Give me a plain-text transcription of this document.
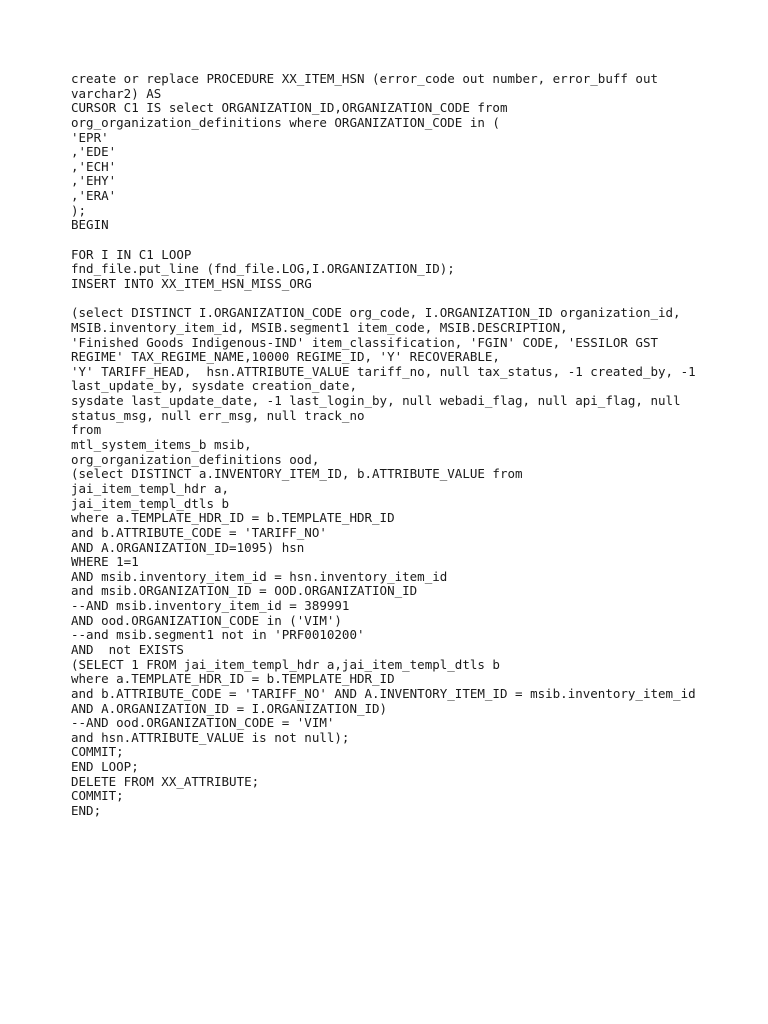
create or replace PROCEDURE XX_ITEM_HSN (error_code out number, error_buff out
varchar2) AS
CURSOR C1 IS select ORGANIZATION_ID,ORGANIZATION_CODE from
org_organization_definitions where ORGANIZATION_CODE in (
'EPR'
,'EDE'
,'ECH'
,'EHY'
,'ERA'
);
BEGIN
FOR I IN C1 LOOP
fnd_file.put_line (fnd_file.LOG,I.ORGANIZATION_ID);
INSERT INTO XX_ITEM_HSN_MISS_ORG
(select DISTINCT I.ORGANIZATION_CODE org_code, I.ORGANIZATION_ID organization_id,
MSIB.inventory_item_id, MSIB.segment1 item_code, MSIB.DESCRIPTION,
'Finished Goods Indigenous-IND' item_classification, 'FGIN' CODE, 'ESSILOR GST
REGIME' TAX_REGIME_NAME,10000 REGIME_ID, 'Y' RECOVERABLE,
'Y' TARIFF_HEAD,  hsn.ATTRIBUTE_VALUE tariff_no, null tax_status, -1 created_by, -1
last_update_by, sysdate creation_date,
sysdate last_update_date, -1 last_login_by, null webadi_flag, null api_flag, null
status_msg, null err_msg, null track_no
from
mtl_system_items_b msib,
org_organization_definitions ood,
(select DISTINCT a.INVENTORY_ITEM_ID, b.ATTRIBUTE_VALUE from
jai_item_templ_hdr a,
jai_item_templ_dtls b
where a.TEMPLATE_HDR_ID = b.TEMPLATE_HDR_ID
and b.ATTRIBUTE_CODE = 'TARIFF_NO'
AND A.ORGANIZATION_ID=1095) hsn
WHERE 1=1
AND msib.inventory_item_id = hsn.inventory_item_id
and msib.ORGANIZATION_ID = OOD.ORGANIZATION_ID
--AND msib.inventory_item_id = 389991
AND ood.ORGANIZATION_CODE in ('VIM')
--and msib.segment1 not in 'PRF0010200'
AND  not EXISTS
(SELECT 1 FROM jai_item_templ_hdr a,jai_item_templ_dtls b
where a.TEMPLATE_HDR_ID = b.TEMPLATE_HDR_ID
and b.ATTRIBUTE_CODE = 'TARIFF_NO' AND A.INVENTORY_ITEM_ID = msib.inventory_item_id
AND A.ORGANIZATION_ID = I.ORGANIZATION_ID)
--AND ood.ORGANIZATION_CODE = 'VIM'
and hsn.ATTRIBUTE_VALUE is not null);
COMMIT;
END LOOP;
DELETE FROM XX_ATTRIBUTE;
COMMIT;
END;
